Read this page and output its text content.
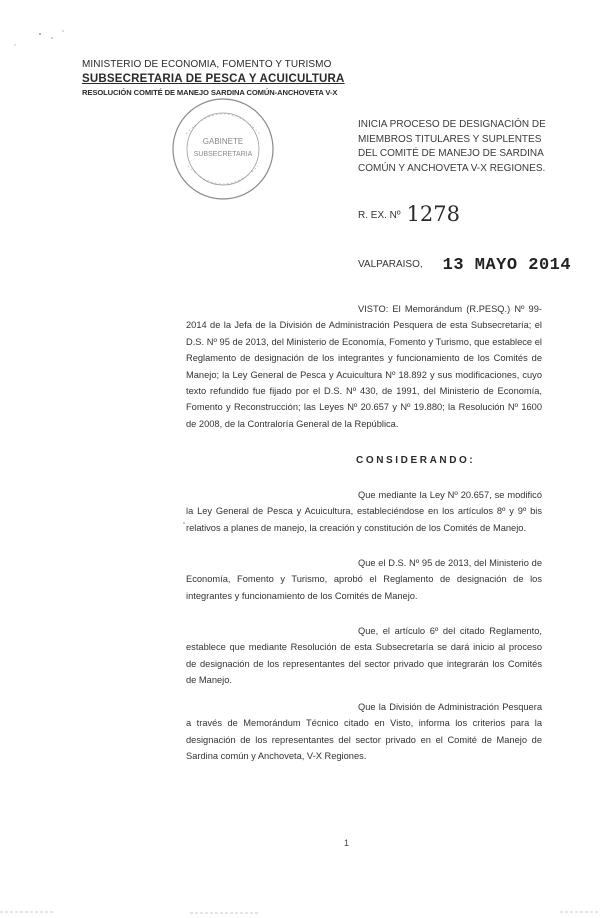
MINISTERIO DE ECONOMIA, FOMENTO Y TURISMO
SUBSECRETARIA DE PESCA Y ACUICULTURA
RESOLUCIÓN COMITÉ DE MANEJO SARDINA COMÚN-ANCHOVETA V-X
GABINETE
SUBSECRETARIA
INICIA PROCESO DE DESIGNACIÓN DE MIEMBROS TITULARES Y SUPLENTES DEL COMITÉ DE MANEJO DE SARDINA COMÚN Y ANCHOVETA V-X REGIONES.
R. EX. Nº 1278
VALPARAISO, 13 MAYO 2014
VISTO: El Memorándum (R.PESQ.) Nº 99-2014 de la Jefa de la División de Administración Pesquera de esta Subsecretaría; el D.S. Nº 95 de 2013, del Ministerio de Economía, Fomento y Turismo, que establece el Reglamento de designación de los integrantes y funcionamiento de los Comités de Manejo; la Ley General de Pesca y Acuicultura Nº 18.892 y sus modificaciones, cuyo texto refundido fue fijado por el D.S. Nº 430, de 1991, del Ministerio de Economía, Fomento y Reconstrucción; las Leyes Nº 20.657 y Nº 19.880; la Resolución Nº 1600 de 2008, de la Contraloría General de la República.
CONSIDERANDO:
Que mediante la Ley Nº 20.657, se modificó la Ley General de Pesca y Acuicultura, estableciéndose en los artículos 8º y 9º bis relativos a planes de manejo, la creación y constitución de los Comités de Manejo.
Que el D.S. Nº 95 de 2013, del Ministerio de Economía, Fomento y Turismo, aprobó el Reglamento de designación de los integrantes y funcionamiento de los Comités de Manejo.
Que, el artículo 6º del citado Reglamento, establece que mediante Resolución de esta Subsecretaría se dará inicio al proceso de designación de los representantes del sector privado que integrarán los Comités de Manejo.
Que la División de Administración Pesquera a través de Memorándum Técnico citado en Visto, informa los criterios para la designación de los representantes del sector privado en el Comité de Manejo de Sardina común y Anchoveta, V-X Regiones.
1
